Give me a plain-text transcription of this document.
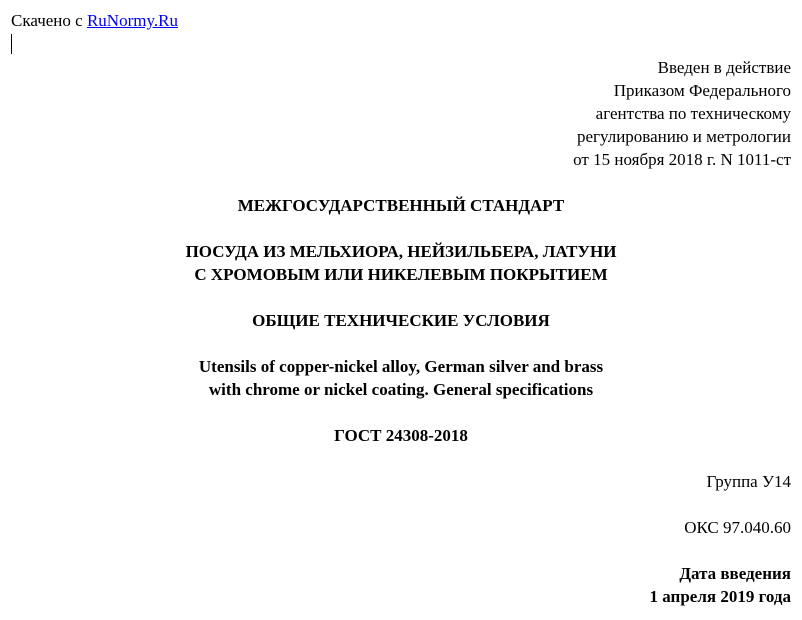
Скачено с RuNormy.Ru
Введен в действие
Приказом Федерального
агентства по техническому
регулированию и метрологии
от 15 ноября 2018 г. N 1011-ст
МЕЖГОСУДАРСТВЕННЫЙ СТАНДАРТ
ПОСУДА ИЗ МЕЛЬХИОРА, НЕЙЗИЛЬБЕРА, ЛАТУНИ
С ХРОМОВЫМ ИЛИ НИКЕЛЕВЫМ ПОКРЫТИЕМ
ОБЩИЕ ТЕХНИЧЕСКИЕ УСЛОВИЯ
Utensils of copper-nickel alloy, German silver and brass
with chrome or nickel coating. General specifications
ГОСТ 24308-2018
Группа У14
ОКС 97.040.60
Дата введения
1 апреля 2019 года
